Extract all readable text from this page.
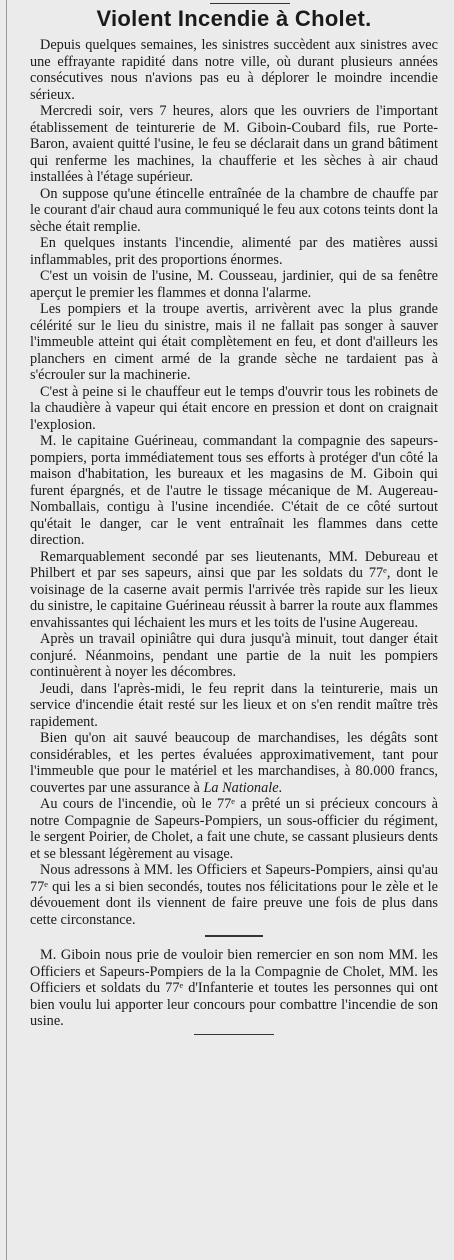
Violent Incendie à Cholet.

Depuis quelques semaines, les sinistres succèdent aux sinistres avec une effrayante rapidité dans notre ville, où durant plusieurs années consécutives nous n'avions pas eu à déplorer le moindre incendie sérieux.

Mercredi soir, vers 7 heures, alors que les ouvriers de l'important établissement de teinturerie de M. Giboin-Coubard fils, rue Porte-Baron, avaient quitté l'usine, le feu se déclarait dans un grand bâtiment qui renferme les machines, la chaufferie et les sèches à air chaud installées à l'étage supérieur.

On suppose qu'une étincelle entraînée de la chambre de chauffe par le courant d'air chaud aura communiqué le feu aux cotons teints dont la sèche était remplie.

En quelques instants l'incendie, alimenté par des matières aussi inflammables, prit des proportions énormes.

C'est un voisin de l'usine, M. Cousseau, jardinier, qui de sa fenêtre aperçut le premier les flammes et donna l'alarme.

Les pompiers et la troupe avertis, arrivèrent avec la plus grande célérité sur le lieu du sinistre, mais il ne fallait pas songer à sauver l'immeuble atteint qui était complètement en feu, et dont d'ailleurs les planchers en ciment armé de la grande sèche ne tardaient pas à s'écrouler sur la machinerie.

C'est à peine si le chauffeur eut le temps d'ouvrir tous les robinets de la chaudière à vapeur qui était encore en pression et dont on craignait l'explosion.

M. le capitaine Guérineau, commandant la compagnie des sapeurs-pompiers, porta immédiatement tous ses efforts à protéger d'un côté la maison d'habitation, les bureaux et les magasins de M. Giboin qui furent épargnés, et de l'autre le tissage mécanique de M. Augereau-Nomballais, contigu à l'usine incendiée. C'était de ce côté surtout qu'était le danger, car le vent entraînait les flammes dans cette direction.

Remarquablement secondé par ses lieutenants, MM. Debureau et Philbert et par ses sapeurs, ainsi que par les soldats du 77ᵉ, dont le voisinage de la caserne avait permis l'arrivée très rapide sur les lieux du sinistre, le capitaine Guérineau réussit à barrer la route aux flammes envahissantes qui léchaient les murs et les toits de l'usine Augereau.

Après un travail opiniâtre qui dura jusqu'à minuit, tout danger était conjuré. Néanmoins, pendant une partie de la nuit les pompiers continuèrent à noyer les décombres.

Jeudi, dans l'après-midi, le feu reprit dans la teinturerie, mais un service d'incendie était resté sur les lieux et on s'en rendit maître très rapidement.

Bien qu'on ait sauvé beaucoup de marchandises, les dégâts sont considérables, et les pertes évaluées approximativement, tant pour l'immeuble que pour le matériel et les marchandises, à 80.000 francs, couvertes par une assurance à La Nationale.

Au cours de l'incendie, où le 77ᵉ a prêté un si précieux concours à notre Compagnie de Sapeurs-Pompiers, un sous-officier du régiment, le sergent Poirier, de Cholet, a fait une chute, se cassant plusieurs dents et se blessant légèrement au visage.

Nous adressons à MM. les Officiers et Sapeurs-Pompiers, ainsi qu'au 77ᵉ qui les a si bien secondés, toutes nos félicitations pour le zèle et le dévouement dont ils viennent de faire preuve une fois de plus dans cette circonstance.

M. Giboin nous prie de vouloir bien remercier en son nom MM. les Officiers et Sapeurs-Pompiers de la la Compagnie de Cholet, MM. les Officiers et soldats du 77ᵉ d'Infanterie et toutes les personnes qui ont bien voulu lui apporter leur concours pour combattre l'incendie de son usine.
